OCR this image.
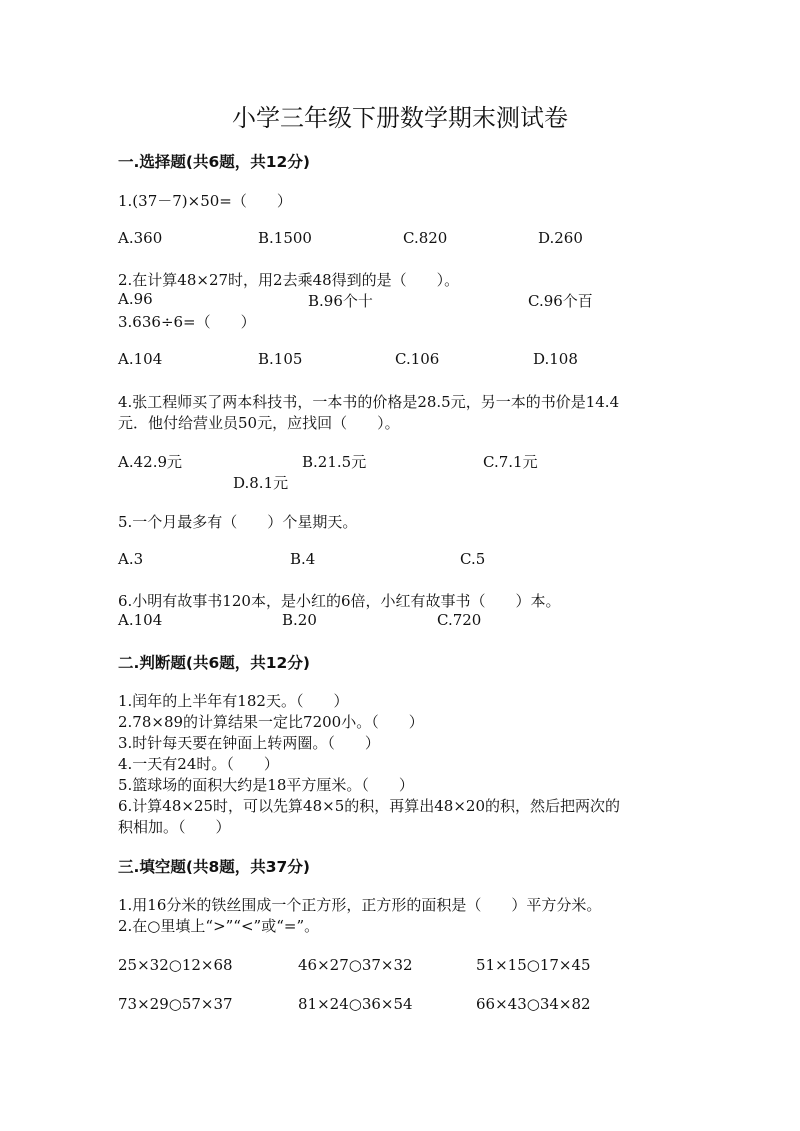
小学三年级下册数学期末测试卷
一.选择题(共6题，共12分)
1.(37－7)×50=（　　）
A.360	B.1500	C.820	D.260
2.在计算48×27时，用2去乘48得到的是（　　）。
A.96	B.96个十	C.96个百
3.636÷6=（　　）
A.104	B.105	C.106	D.108
4.张工程师买了两本科技书，一本书的价格是28.5元，另一本的书价是14.4
元．他付给营业员50元，应找回（　　）。
A.42.9元	B.21.5元	C.7.1元
D.8.1元
5.一个月最多有（　　）个星期天。
A.3	B.4	C.5
6.小明有故事书120本，是小红的6倍，小红有故事书（　　）本。
A.104	B.20	C.720
二.判断题(共6题，共12分)
1.闰年的上半年有182天。（　　）
2.78×89的计算结果一定比7200小。（　　）
3.时针每天要在钟面上转两圈。（　　）
4.一天有24时。（　　）
5.篮球场的面积大约是18平方厘米。（　　）
6.计算48×25时，可以先算48×5的积，再算出48×20的积，然后把两次的
积相加。（　　）
三.填空题(共8题，共37分)
1.用16分米的铁丝围成一个正方形，正方形的面积是（　　）平方分米。
2.在○里填上“>”“<”或“=”。
25×32○12×68	46×27○37×32	51×15○17×45
73×29○57×37	81×24○36×54	66×43○34×82
